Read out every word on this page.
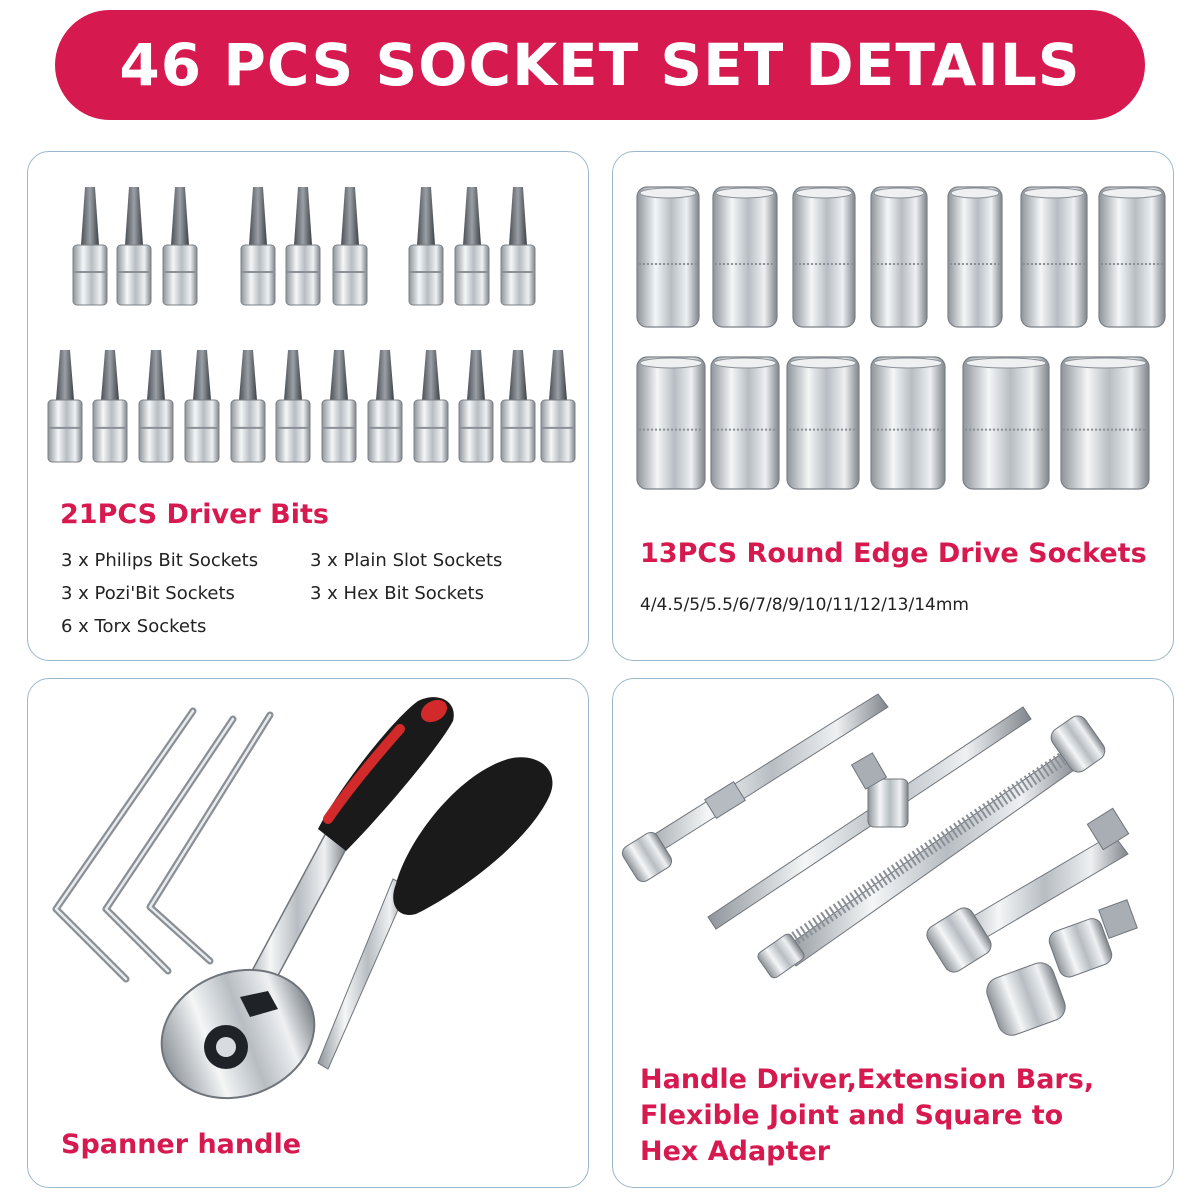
46 PCS SOCKET SET DETAILS
21PCS Driver Bits
3 x Philips Bit Sockets	3 x Plain Slot Sockets
3 x Pozi'Bit Sockets	3 x Hex Bit Sockets
6 x Torx Sockets
13PCS Round Edge Drive Sockets
4/4.5/5/5.5/6/7/8/9/10/11/12/13/14mm
Spanner handle
Handle Driver,Extension Bars,
Flexible Joint and Square to
Hex Adapter
